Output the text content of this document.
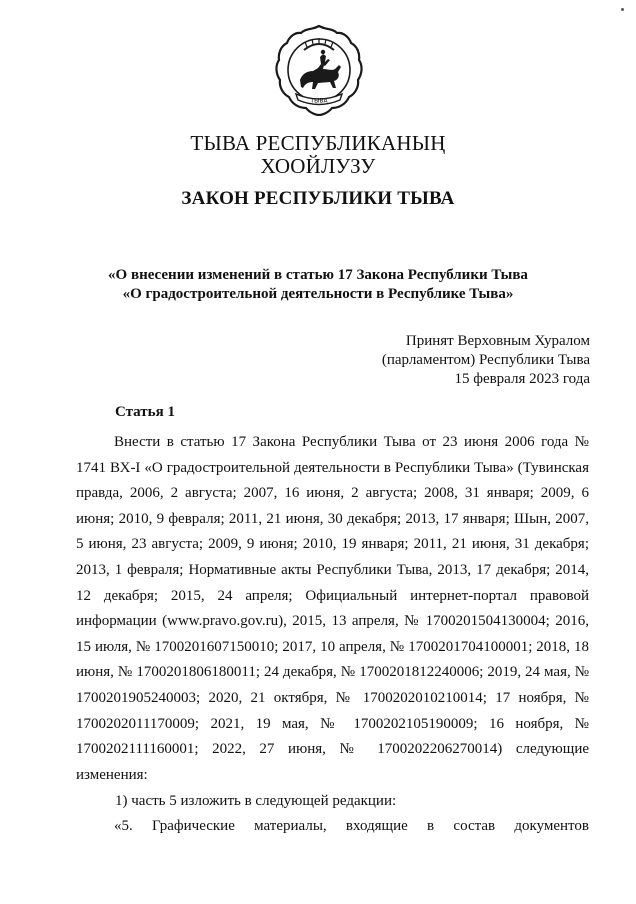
ТЫВА
ТЫВА РЕСПУБЛИКАНЫҢ
ХООЙЛУЗУ
ЗАКОН РЕСПУБЛИКИ ТЫВА
«О внесении изменений в статью 17 Закона Республики Тыва
«О градостроительной деятельности в Республике Тыва»
Принят Верховным Хуралом
(парламентом) Республики Тыва
15 февраля 2023 года
Статья 1

Внести в статью 17 Закона Республики Тыва от 23 июня 2006 года № 1741 ВХ-I «О градостроительной деятельности в Республики Тыва» (Тувинская правда, 2006, 2 августа; 2007, 16 июня, 2 августа; 2008, 31 января; 2009, 6 июня; 2010, 9 февраля; 2011, 21 июня, 30 декабря; 2013, 17 января; Шын, 2007, 5 июня, 23 августа; 2009, 9 июня; 2010, 19 января; 2011, 21 июня, 31 декабря; 2013, 1 февраля; Нормативные акты Республики Тыва, 2013, 17 декабря; 2014, 12 декабря; 2015, 24 апреля; Официальный интернет-портал правовой информации (www.pravo.gov.ru), 2015, 13 апреля, № 1700201504130004; 2016, 15 июля, № 1700201607150010; 2017, 10 апреля, № 1700201704100001; 2018, 18 июня, № 1700201806180011; 24 декабря, № 1700201812240006; 2019, 24 мая, № 1700201905240003; 2020, 21 октября, № 1700202010210014; 17 ноября, № 1700202011170009; 2021, 19 мая, № 1700202105190009; 16 ноября, № 1700202111160001; 2022, 27 июня, № 1700202206270014) следующие изменения:

1) часть 5 изложить в следующей редакции:

«5. Графические материалы, входящие в состав документов
